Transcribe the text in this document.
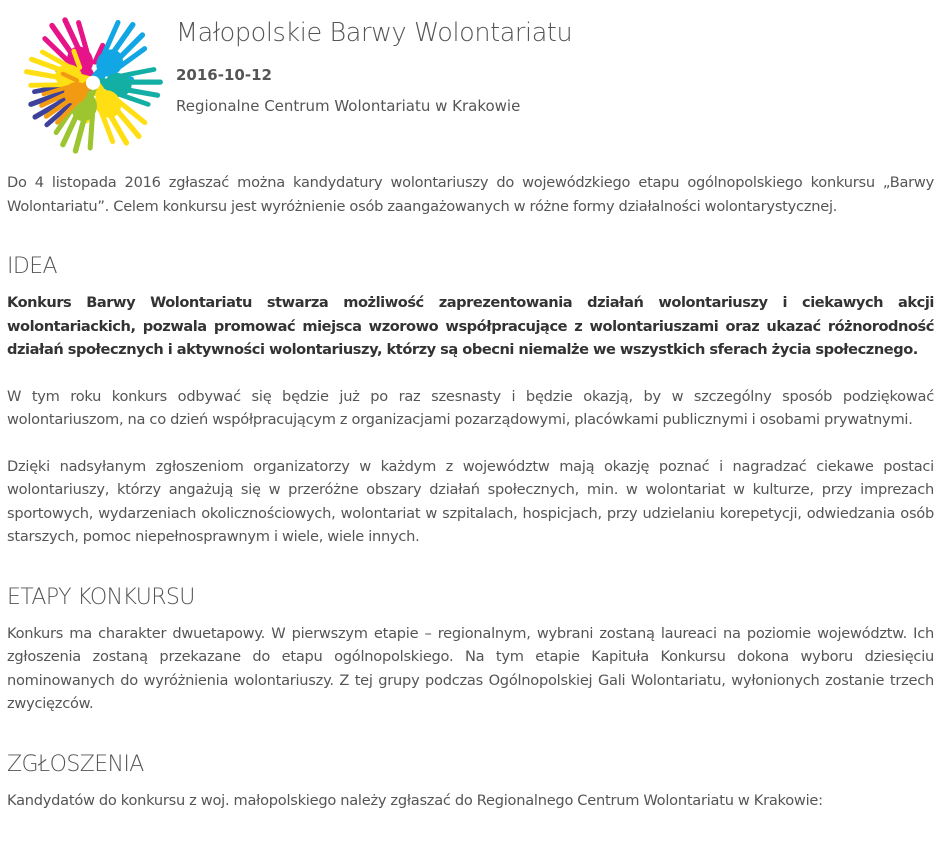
Małopolskie Barwy Wolontariatu
2016-10-12
Regionalne Centrum Wolontariatu w Krakowie

Do 4 listopada 2016 zgłaszać można kandydatury wolontariuszy do wojewódzkiego etapu ogólnopolskiego konkursu „Barwy Wolontariatu”. Celem konkursu jest wyróżnienie osób zaangażowanych w różne formy działalności wolontarystycznej.

IDEA

Konkurs Barwy Wolontariatu stwarza możliwość zaprezentowania działań wolontariuszy i ciekawych akcji wolontariackich, pozwala promować miejsca wzorowo współpracujące z wolontariuszami oraz ukazać różnorodność działań społecznych i aktywności wolontariuszy, którzy są obecni niemalże we wszystkich sferach życia społecznego.

W tym roku konkurs odbywać się będzie już po raz szesnasty i będzie okazją, by w szczególny sposób podziękować wolontariuszom, na co dzień współpracującym z organizacjami pozarządowymi, placówkami publicznymi i osobami prywatnymi.

Dzięki nadsyłanym zgłoszeniom organizatorzy w każdym z województw mają okazję poznać i nagradzać ciekawe postaci wolontariuszy, którzy angażują się w przeróżne obszary działań społecznych, min. w wolontariat w kulturze, przy imprezach sportowych, wydarzeniach okolicznościowych, wolontariat w szpitalach, hospicjach, przy udzielaniu korepetycji, odwiedzania osób starszych, pomoc niepełnosprawnym i wiele, wiele innych.

ETAPY KONKURSU

Konkurs ma charakter dwuetapowy. W pierwszym etapie – regionalnym, wybrani zostaną laureaci na poziomie województw. Ich zgłoszenia zostaną przekazane do etapu ogólnopolskiego. Na tym etapie Kapituła Konkursu dokona wyboru dziesięciu nominowanych do wyróżnienia wolontariuszy. Z tej grupy podczas Ogólnopolskiej Gali Wolontariatu, wyłonionych zostanie trzech zwycięzców.

ZGŁOSZENIA

Kandydatów do konkursu z woj. małopolskiego należy zgłaszać do Regionalnego Centrum Wolontariatu w Krakowie:
